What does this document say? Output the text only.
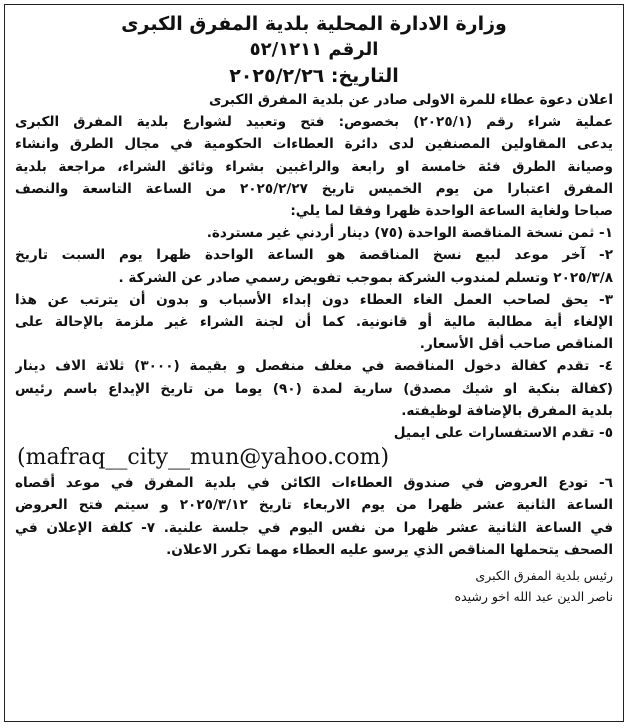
وزارة الادارة المحلية بلدية المفرق الكبرى

الرقم ٥٢/١٢١١

التاريخ: ٢٠٢٥/٢/٢٦

اعلان دعوة عطاء للمرة الاولى صادر عن بلدية المفرق الكبرى

عملية شراء رقم (٢٠٢٥/١) بخصوص: فتح وتعبيد لشوارع بلدية المفرق الكبرى

يدعى المقاولين المصنفين لدى دائرة العطاءات الحكومية في مجال الطرق وانشاء

وصيانة الطرق فئة خامسة او رابعة والراغبين بشراء وثائق الشراء، مراجعة بلدية

المفرق اعتبارا من يوم الخميس تاريخ ٢٠٢٥/٢/٢٧ من الساعة التاسعة والنصف

صباحا ولغاية الساعة الواحدة ظهرا وفقا لما يلي:

١- ثمن نسخة المناقصة الواحدة (٧٥) دينار أردني غير مستردة.

٢- آخر موعد لبيع نسخ المناقصة هو الساعة الواحدة ظهرا يوم السبت تاريخ

٢٠٢٥/٣/٨ وتسلم لمندوب الشركة بموجب تفويض رسمي صادر عن الشركة .

٣- يحق لصاحب العمل الغاء العطاء دون إبداء الأسباب و بدون أن يترتب عن هذا

الإلغاء أية مطالبة مالية أو قانونية. كما أن لجنة الشراء غير ملزمة بالإحالة على

المناقص صاحب أقل الأسعار.

٤- تقدم كفالة دخول المناقصة في مغلف منفصل و بقيمة (٣٠٠٠) ثلاثة الاف دينار

(كفالة بنكية او شيك مصدق) سارية لمدة (٩٠) يوما من تاريخ الإيداع باسم رئيس

بلدية المفرق بالإضافة لوظيفته.

٥- تقدم الاستفسارات على ايميل

(mafraq__city__mun@yahoo.com)

٦- تودع العروض في صندوق العطاءات الكائن في بلدية المفرق في موعد أقصاه

الساعة الثانية عشر ظهرا من يوم الاربعاء تاريخ ٢٠٢٥/٣/١٢ و سيتم فتح العروض

في الساعة الثانية عشر ظهرا من نفس اليوم في جلسة علنية. ٧- كلفة الإعلان في

الصحف يتحملها المناقص الذي يرسو عليه العطاء مهما تكرر الاعلان.

رئيس بلدية المفرق الكبرى

ناصر الدين عبد الله اخو رشيده
